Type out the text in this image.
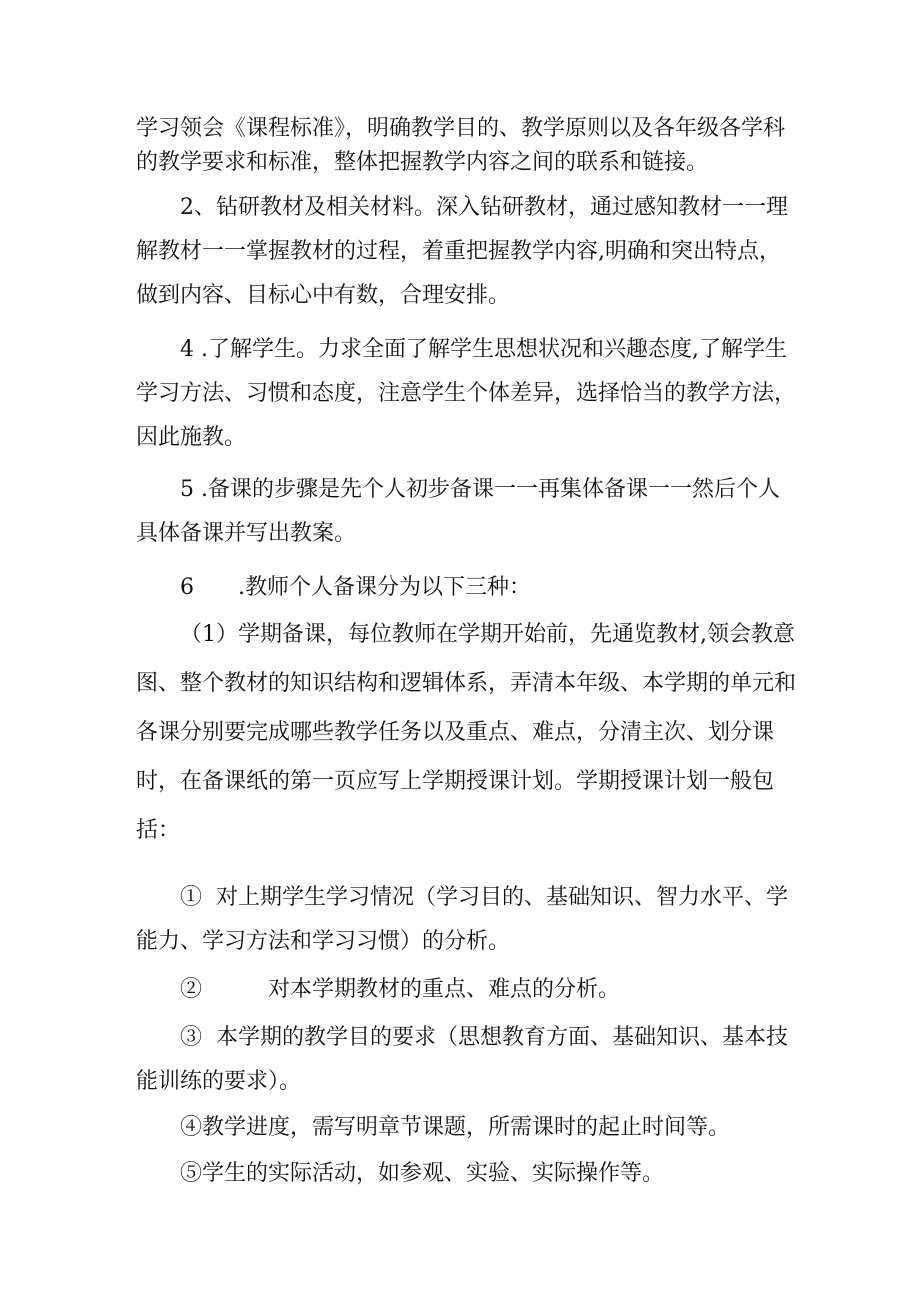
学习领会《课程标准》，明确教学目的、教学原则以及各年级各学科的教学要求和标准，整体把握教学内容之间的联系和链接。

2、钻研教材及相关材料。深入钻研教材，通过感知教材一一理解教材一一掌握教材的过程，着重把握教学内容,明确和突出特点，做到内容、目标心中有数，合理安排。

4 .了解学生。力求全面了解学生思想状况和兴趣态度,了解学生学习方法、习惯和态度，注意学生个体差异，选择恰当的教学方法，因此施教。

5 .备课的步骤是先个人初步备课一一再集体备课一一然后个人具体备课并写出教案。

6　　.教师个人备课分为以下三种：

（1）学期备课，每位教师在学期开始前，先通览教材,领会教意图、整个教材的知识结构和逻辑体系，弄清本年级、本学期的单元和各课分别要完成哪些教学任务以及重点、难点，分清主次、划分课时，在备课纸的第一页应写上学期授课计划。学期授课计划一般包括：

①  对上期学生学习情况（学习目的、基础知识、智力水平、学能力、学习方法和学习习惯）的分析。

②　　　对本学期教材的重点、难点的分析。

③  本学期的教学目的要求（思想教育方面、基础知识、基本技能训练的要求）。

④教学进度，需写明章节课题，所需课时的起止时间等。

⑤学生的实际活动，如参观、实验、实际操作等。
